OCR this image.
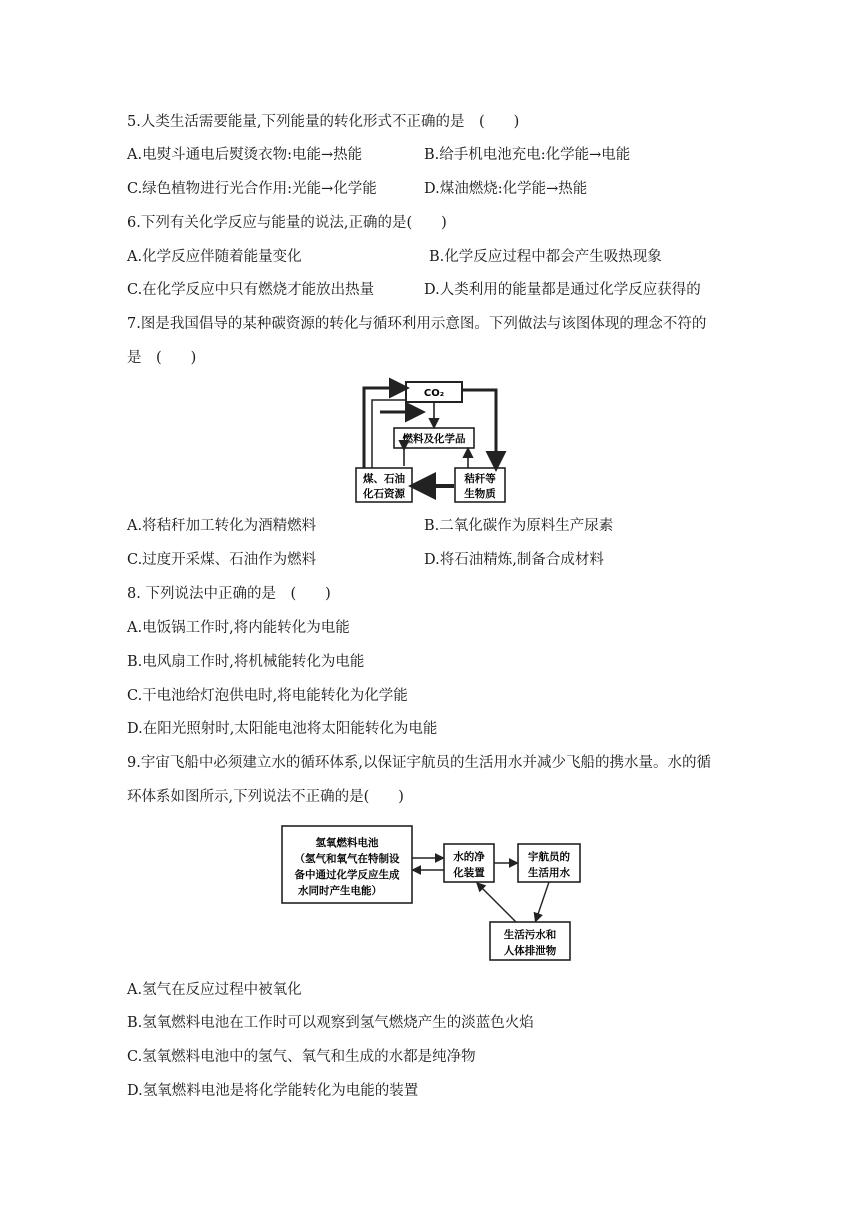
5.人类生活需要能量,下列能量的转化形式不正确的是　(　　)
A.电熨斗通电后熨烫衣物:电能→热能	B.给手机电池充电:化学能→电能
C.绿色植物进行光合作用:光能→化学能	D.煤油燃烧:化学能→热能
6.下列有关化学反应与能量的说法,正确的是(　　)
A.化学反应伴随着能量变化	B.化学反应过程中都会产生吸热现象
C.在化学反应中只有燃烧才能放出热量	D.人类利用的能量都是通过化学反应获得的
7.图是我国倡导的某种碳资源的转化与循环利用示意图。下列做法与该图体现的理念不符的
是　(　　)
CO₂
燃料及化学品
煤、石油
化石资源
秸秆等
生物质
A.将秸秆加工转化为酒精燃料	B.二氧化碳作为原料生产尿素
C.过度开采煤、石油作为燃料	D.将石油精炼,制备合成材料
8. 下列说法中正确的是　(　　)
A.电饭锅工作时,将内能转化为电能
B.电风扇工作时,将机械能转化为电能
C.干电池给灯泡供电时,将电能转化为化学能
D.在阳光照射时,太阳能电池将太阳能转化为电能
9.宇宙飞船中必须建立水的循环体系,以保证宇航员的生活用水并减少飞船的携水量。水的循
环体系如图所示,下列说法不正确的是(　　)
氢氧燃料电池
（氢气和氧气在特制设
备中通过化学反应生成
水同时产生电能）
水的净
化装置
宇航员的
生活用水
生活污水和
人体排泄物
A.氢气在反应过程中被氧化
B.氢氧燃料电池在工作时可以观察到氢气燃烧产生的淡蓝色火焰
C.氢氧燃料电池中的氢气、氧气和生成的水都是纯净物
D.氢氧燃料电池是将化学能转化为电能的装置
